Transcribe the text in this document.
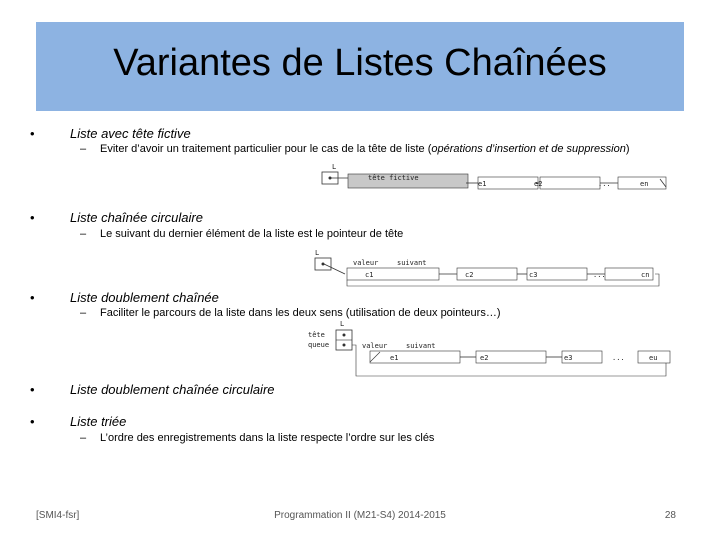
Variantes de Listes Chaînées
•	Liste avec tête fictive
– Eviter d’avoir un traitement particulier pour le cas de la tête de liste (opérations d’insertion et de suppression)
L
tête fictive
e1	e2	...	en
•	Liste chaînée circulaire
– Le suivant du dernier élément de la liste est le pointeur de tête
L
valeur	suivant
c1	c2	c3	...	cn
•	Liste doublement chaînée
– Faciliter le parcours de la liste dans les deux sens (utilisation de deux pointeurs…)
L
tête
queue	valeur	suivant
e1	e2	e3	...	eu
•	Liste doublement chaînée circulaire
•	Liste triée
– L’ordre des enregistrements dans la liste respecte l’ordre sur les clés
[SMI4-fsr]	Programmation II (M21-S4) 2014-2015	28
